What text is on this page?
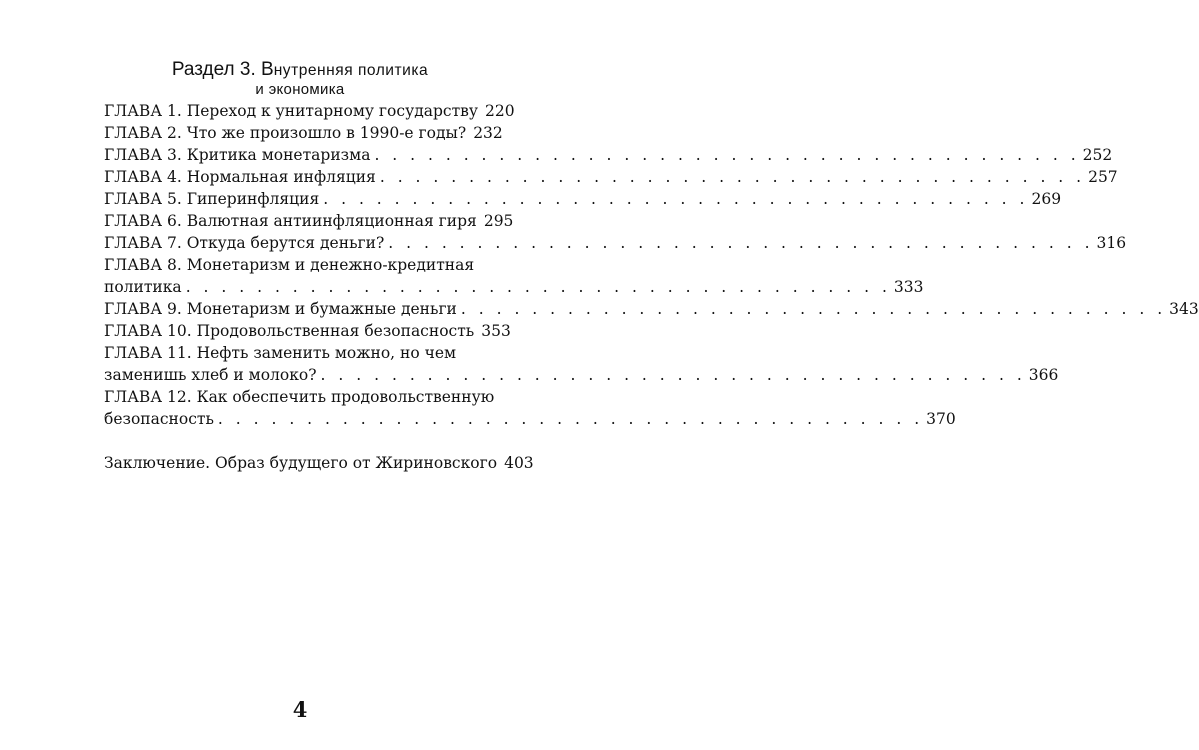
Раздел 3. Внутренняя политика
и экономика
ГЛАВА 1. Переход к унитарному государству 220
ГЛАВА 2. Что же произошло в 1990-е годы? 232
ГЛАВА 3. Критика монетаризма . . . . . . . . . . . . . . . . . . . . . . . . . . . . . . . . . . . . . . . . 252
ГЛАВА 4. Нормальная инфляция . . . . . . . . . . . . . . . . . . . . . . . . . . . . . . . . . . . . . . . . 257
ГЛАВА 5. Гиперинфляция . . . . . . . . . . . . . . . . . . . . . . . . . . . . . . . . . . . . . . . . 269
ГЛАВА 6. Валютная антиинфляционная гиря 295
ГЛАВА 7. Откуда берутся деньги? . . . . . . . . . . . . . . . . . . . . . . . . . . . . . . . . . . . . . . . . 316
ГЛАВА 8. Монетаризм и денежно-кредитная
политика . . . . . . . . . . . . . . . . . . . . . . . . . . . . . . . . . . . . . . . . 333
ГЛАВА 9. Монетаризм и бумажные деньги . . . . . . . . . . . . . . . . . . . . . . . . . . . . . . . . . . . . . . . . 343
ГЛАВА 10. Продовольственная безопасность 353
ГЛАВА 11. Нефть заменить можно, но чем
заменишь хлеб и молоко? . . . . . . . . . . . . . . . . . . . . . . . . . . . . . . . . . . . . . . . . 366
ГЛАВА 12. Как обеспечить продовольственную
безопасность . . . . . . . . . . . . . . . . . . . . . . . . . . . . . . . . . . . . . . . . 370
Заключение. Образ будущего от Жириновского 403
4
